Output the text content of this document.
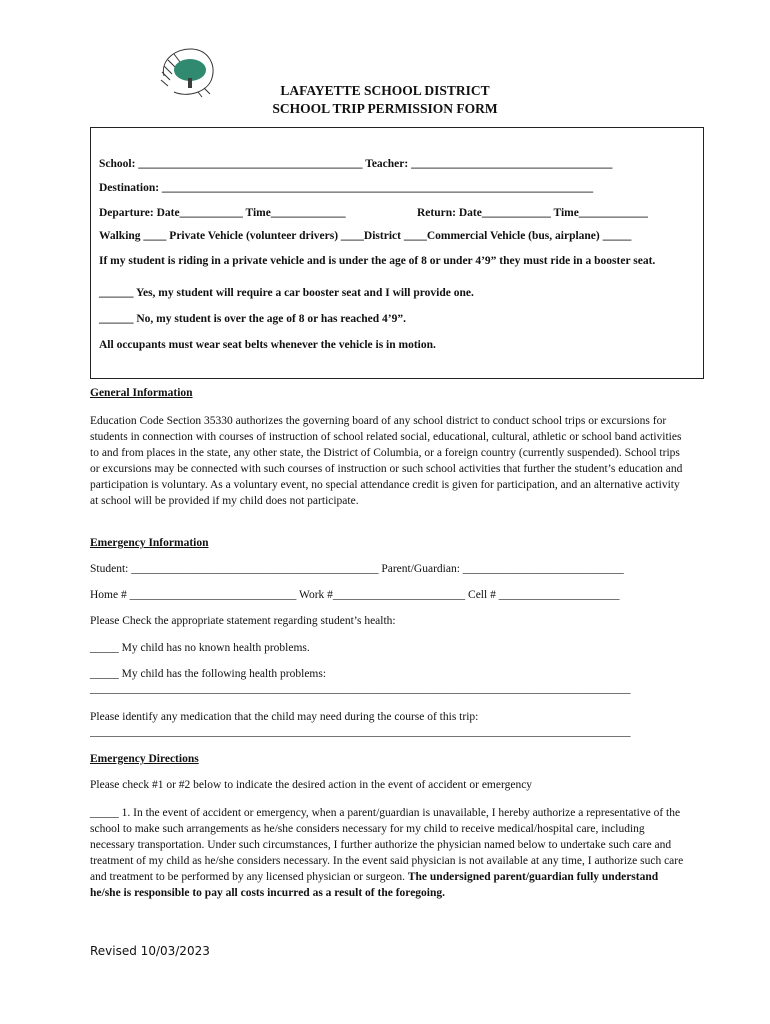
LAFAYETTE SCHOOL DISTRICT
SCHOOL TRIP PERMISSION FORM
School: _______________________________________ Teacher: ___________________________________
Destination: ___________________________________________________________________________
Departure: Date___________ Time_____________	Return: Date____________ Time____________
Walking ____ Private Vehicle (volunteer drivers) ____District ____Commercial Vehicle (bus, airplane) _____
If my student is riding in a private vehicle and is under the age of 8 or under 4’9” they must ride in a booster seat.
______ Yes, my student will require a car booster seat and I will provide one.
______ No, my student is over the age of 8 or has reached 4’9”.
All occupants must wear seat belts whenever the vehicle is in motion.
General Information
Education Code Section 35330 authorizes the governing board of any school district to conduct school trips or excursions for students in connection with courses of instruction of school related social, educational, cultural, athletic or school band activities to and from places in the state, any other state, the District of Columbia, or a foreign country (currently suspended). School trips or excursions may be connected with such courses of instruction or such school activities that further the student’s education and participation is voluntary. As a voluntary event, no special attendance credit is given for participation, and an alternative activity at school will be provided if my child does not participate.
Emergency Information
Student: ___________________________________________ Parent/Guardian: ____________________________
Home # _____________________________ Work #_______________________ Cell # _____________________
Please Check the appropriate statement regarding student’s health:
_____ My child has no known health problems.
_____ My child has the following health problems:
______________________________________________________________________________________________
Please identify any medication that the child may need during the course of this trip:
______________________________________________________________________________________________
Emergency Directions
Please check #1 or #2 below to indicate the desired action in the event of accident or emergency
_____ 1. In the event of accident or emergency, when a parent/guardian is unavailable, I hereby authorize a representative of the school to make such arrangements as he/she considers necessary for my child to receive medical/hospital care, including necessary transportation. Under such circumstances, I further authorize the physician named below to undertake such care and treatment of my child as he/she considers necessary. In the event said physician is not available at any time, I authorize such care and treatment to be performed by any licensed physician or surgeon. The undersigned parent/guardian fully understand he/she is responsible to pay all costs incurred as a result of the foregoing.
Revised 10/03/2023
